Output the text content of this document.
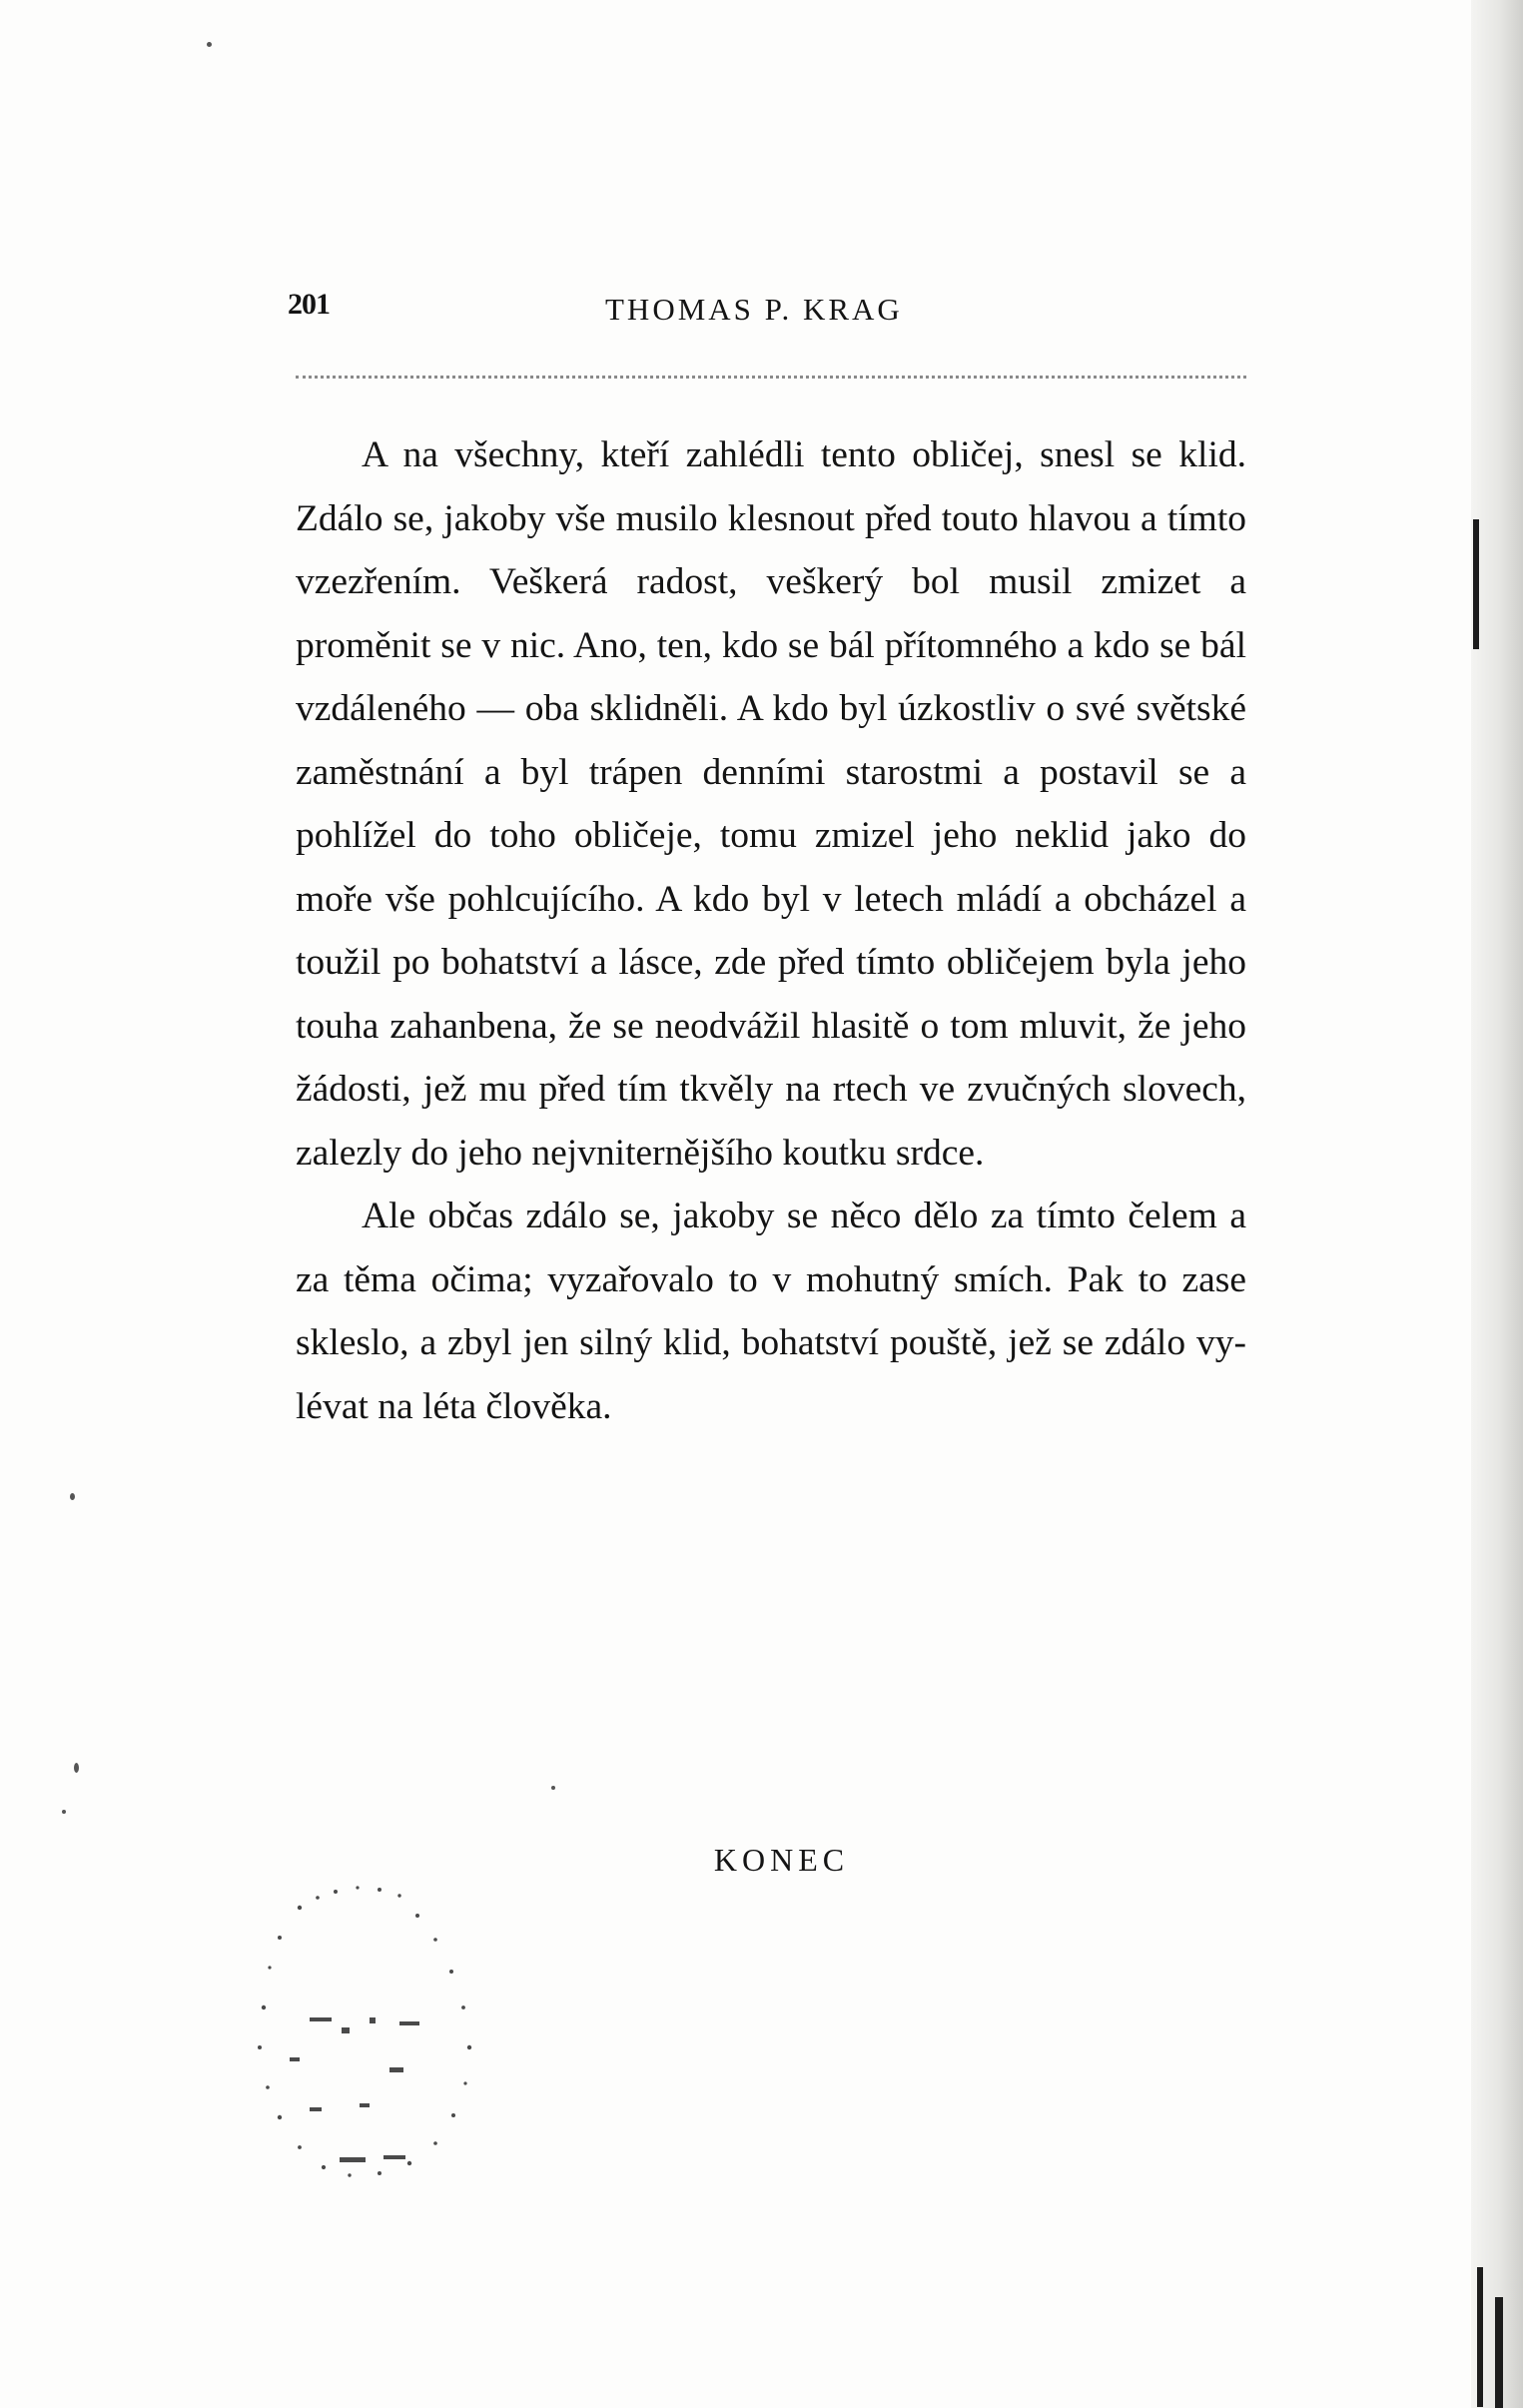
201	THOMAS P. KRAG

A na všechny, kteří zahlédli tento obličej, snesl se klid. Zdálo se, jakoby vše musilo klesnout před touto hlavou a tímto vzezřením. Veškerá radost, veškerý bol musil zmizet a proměnit se v nic. Ano, ten, kdo se bál přítomného a kdo se bál vzdáleného — oba sklidněli. A kdo byl úzkostliv o své světské zaměstnání a byl trápen denními starostmi a postavil se a pohlížel do toho obličeje, tomu zmizel jeho neklid jako do moře vše pohlcujícího. A kdo byl v letech mládí a obcházel a toužil po bohatství a lásce, zde před tímto obličejem byla jeho touha zahanbena, že se neodvážil hlasitě o tom mluvit, že jeho žádosti, jež mu před tím tkvěly na rtech ve zvučných slovech, zalezly do jeho nejvniternějšího koutku srdce.

Ale občas zdálo se, jakoby se něco dělo za tímto čelem a za těma očima; vyzařovalo to v mohutný smích. Pak to zase skleslo, a zbyl jen silný klid, bohatství pouště, jež se zdálo vylévat na léta člověka.

KONEC
